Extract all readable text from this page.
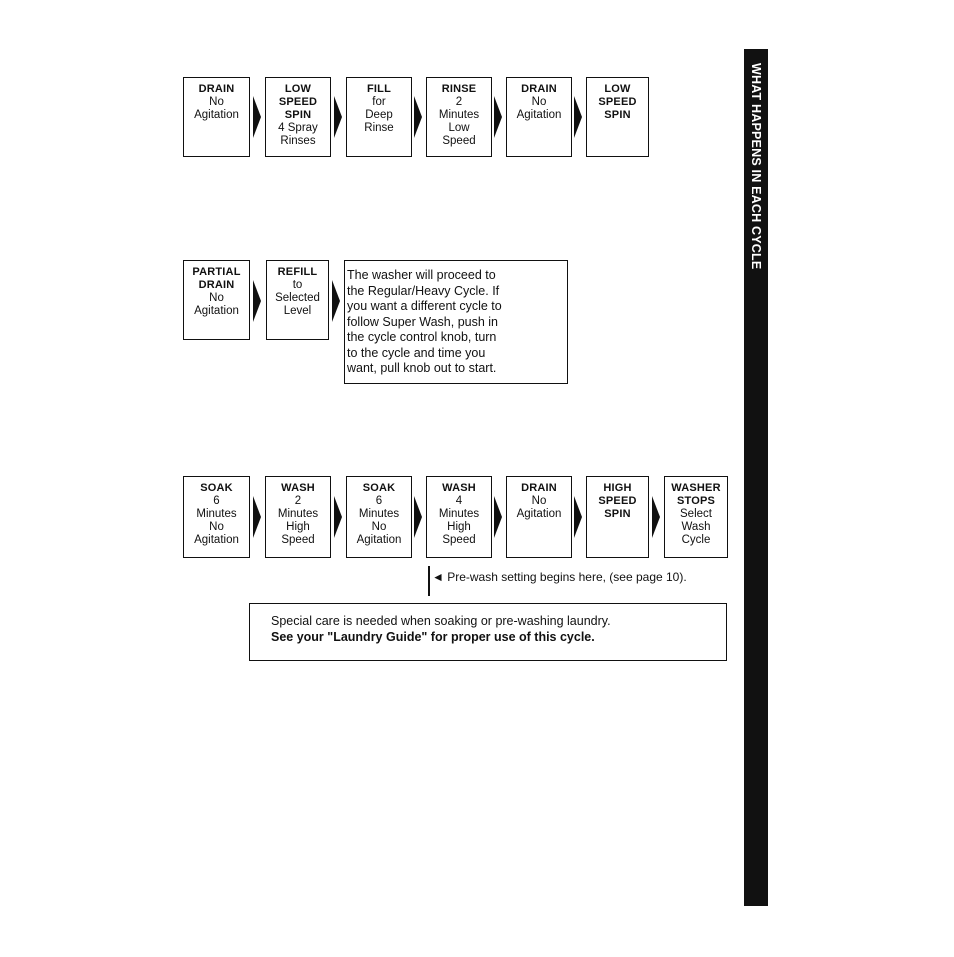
WHAT HAPPENS IN EACH CYCLE
DRAIN
No
Agitation
LOW
SPEED
SPIN
4 Spray
Rinses
FILL
for
Deep
Rinse
RINSE
2
Minutes
Low
Speed
DRAIN
No
Agitation
LOW
SPEED
SPIN
PARTIAL
DRAIN
No
Agitation
REFILL
to
Selected
Level
The washer will proceed to
the Regular/Heavy Cycle. If
you want a different cycle to
follow Super Wash, push in
the cycle control knob, turn
to the cycle and time you
want, pull knob out to start.
SOAK
6
Minutes
No
Agitation
WASH
2
Minutes
High
Speed
SOAK
6
Minutes
No
Agitation
WASH
4
Minutes
High
Speed
DRAIN
No
Agitation
HIGH
SPEED
SPIN
WASHER
STOPS
Select
Wash
Cycle
◄ Pre-wash setting begins here, (see page 10).
Special care is needed when soaking or pre-washing laundry.
See your "Laundry Guide" for proper use of this cycle.
